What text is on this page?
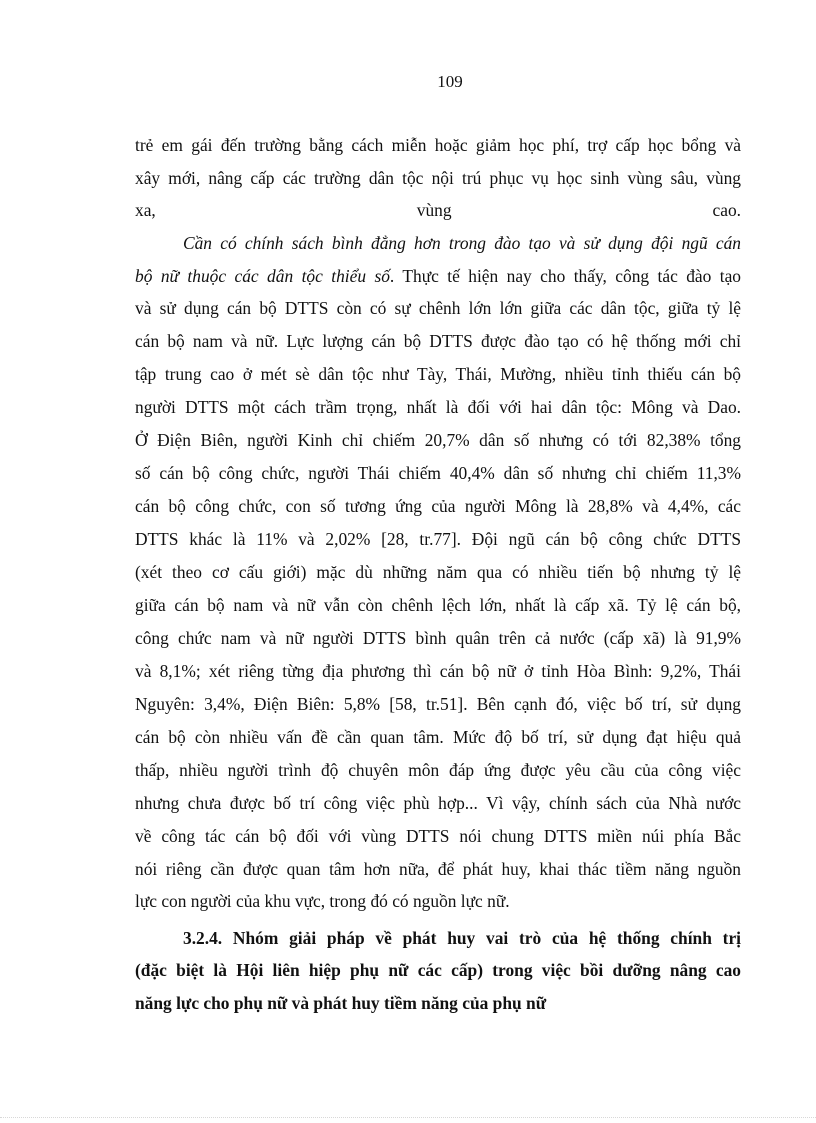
109
trẻ em gái đến trường bằng cách miễn hoặc giảm học phí, trợ cấp học bổng và
xây mới, nâng cấp các trường dân tộc nội trú phục vụ học sinh vùng sâu, vùng
xa,	vùng	cao.
Cần có chính sách bình đẳng hơn trong đào tạo và sử dụng đội ngũ cán
bộ nữ thuộc các dân tộc thiểu số. Thực tế hiện nay cho thấy, công tác đào tạo
và sử dụng cán bộ DTTS còn có sự chênh lớn lớn giữa các dân tộc, giữa tỷ lệ
cán bộ nam và nữ. Lực lượng cán bộ DTTS được đào tạo có hệ thống mới chỉ
tập trung cao ở mét sè dân tộc như Tày, Thái, Mường, nhiều tỉnh thiếu cán bộ
người DTTS một cách trầm trọng, nhất là đối với hai dân tộc: Mông và Dao.
Ở Điện Biên, người Kinh chỉ chiếm 20,7% dân số nhưng có tới 82,38% tổng
số cán bộ công chức, người Thái chiếm 40,4% dân số nhưng chỉ chiếm 11,3%
cán bộ công chức, con số tương ứng của người Mông là 28,8% và 4,4%, các
DTTS khác là 11% và 2,02% [28, tr.77]. Đội ngũ cán bộ công chức DTTS
(xét theo cơ cấu giới) mặc dù những năm qua có nhiều tiến bộ nhưng tỷ lệ
giữa cán bộ nam và nữ vẫn còn chênh lệch lớn, nhất là cấp xã. Tỷ lệ cán bộ,
công chức nam và nữ người DTTS bình quân trên cả nước (cấp xã) là 91,9%
và 8,1%; xét riêng từng địa phương thì cán bộ nữ ở tỉnh Hòa Bình: 9,2%, Thái
Nguyên: 3,4%, Điện Biên: 5,8% [58, tr.51]. Bên cạnh đó, việc bố trí, sử dụng
cán bộ còn nhiều vấn đề cần quan tâm. Mức độ bố trí, sử dụng đạt hiệu quả
thấp, nhiều người trình độ chuyên môn đáp ứng được yêu cầu của công việc
nhưng chưa được bố trí công việc phù hợp... Vì vậy, chính sách của Nhà nước
về công tác cán bộ đối với vùng DTTS nói chung DTTS miền núi phía Bắc
nói riêng cần được quan tâm hơn nữa, để phát huy, khai thác tiềm năng nguồn
lực con người của khu vực, trong đó có nguồn lực nữ.
3.2.4. Nhóm giải pháp về phát huy vai trò của hệ thống chính trị
(đặc biệt là Hội liên hiệp phụ nữ các cấp) trong việc bồi dưỡng nâng cao
năng lực cho phụ nữ và phát huy tiềm năng của phụ nữ
